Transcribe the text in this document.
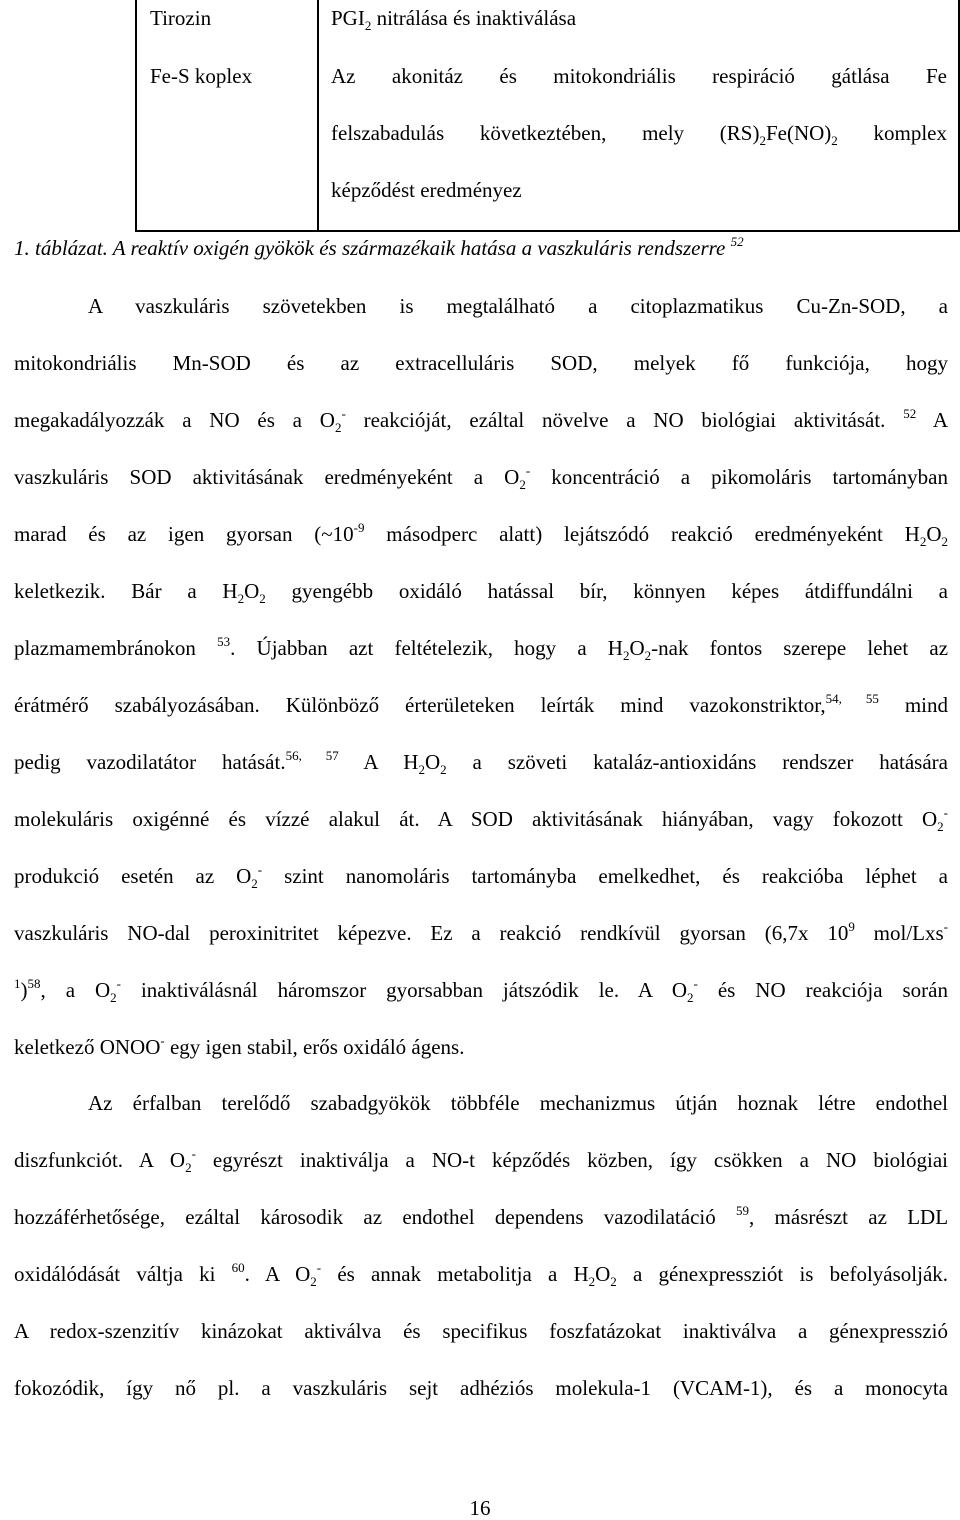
Tirozin	$PGI_2$ nitrálása és inaktiválása
Fe-S koplex	Az akonitáz és mitokondriális respiráció gátlása Fe
felszabadulás következtében, mely $(RS)_2Fe(NO)_2$ komplex
képződést eredményez
1. táblázat. A reaktív oxigén gyökök és származékaik hatása a vaszkuláris rendszerre $^{52}$
A vaszkuláris szövetekben is megtalálható a citoplazmatikus Cu-Zn-SOD, a
mitokondriális Mn-SOD és az extracelluláris SOD, melyek fő funkciója, hogy
megakadályozzák a NO és a $O_2^-$ reakcióját, ezáltal növelve a NO biológiai aktivitását. $^{52}$ A
vaszkuláris SOD aktivitásának eredményeként a $O_2^-$ koncentráció a pikomoláris tartományban
marad és az igen gyorsan ($\sim 10^{-9}$ másodperc alatt) lejátszódó reakció eredményeként $H_2O_2$
keletkezik. Bár a $H_2O_2$ gyengébb oxidáló hatással bír, könnyen képes átdiffundálni a
plazmamembránokon $^{53}$. Újabban azt feltételezik, hogy a $H_2O_2$-nak fontos szerepe lehet az
érátmérő szabályozásában. Különböző érterületeken leírták mind vazokonstriktor,$^{54, 55}$ mind
pedig vazodilatátor hatását.$^{56, 57}$ A $H_2O_2$ a szöveti kataláz-antioxidáns rendszer hatására
molekuláris oxigénné és vízzé alakul át. A SOD aktivitásának hiányában, vagy fokozott $O_2^-$
produkció esetén az $O_2^-$ szint nanomoláris tartományba emelkedhet, és reakcióba léphet a
vaszkuláris NO-dal peroxinitritet képezve. Ez a reakció rendkívül gyorsan (6,7x $10^9$ mol/Lxs-
$^1$)$^{58}$, a $O_2^-$ inaktiválásnál háromszor gyorsabban játszódik le. A $O_2^-$ és NO reakciója során
keletkező ONOO- egy igen stabil, erős oxidáló ágens.
Az érfalban terelődő szabadgyökök többféle mechanizmus útján hoznak létre endothel
diszfunkciót. A $O_2^-$ egyrészt inaktiválja a NO-t képződés közben, így csökken a NO biológiai
hozzáférhetősége, ezáltal károsodik az endothel dependens vazodilatáció $^{59}$, másrészt az LDL
oxidálódását váltja ki $^{60}$. A $O_2^-$ és annak metabolitja a $H_2O_2$ a génexpressziót is befolyásolják.
A redox-szenzitív kinázokat aktiválva és specifikus foszfatázokat inaktiválva a génexpresszió
fokozódik, így nő pl. a vaszkuláris sejt adhéziós molekula-1 (VCAM-1), és a monocyta
16
